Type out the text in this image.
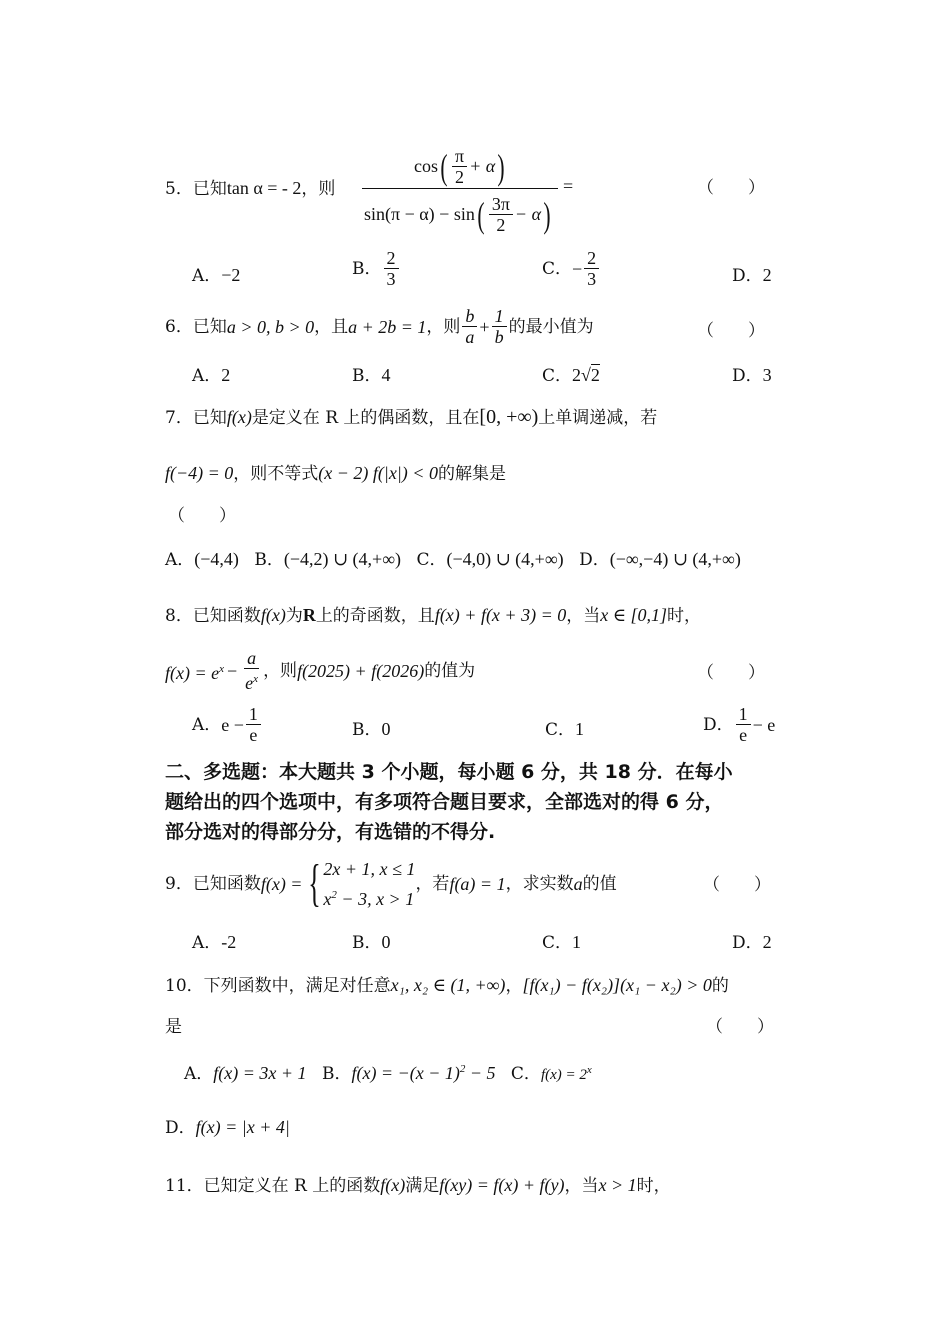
5．已知tan α = - 2，则
cos ( $\frac{\pi}{2} + \alpha$ )
sin(π − α) − sin ( $\frac{3\pi}{2} - \alpha$ )
=	（　　）
A．−2	B． $\frac{2}{3}$	C． − $\frac{2}{3}$	D．2
6． 已知 a > 0, b > 0 ，且 a + 2b = 1 ，则 $\frac{b}{a} + \frac{1}{b}$ 的最小值为	（　　）
A．2	B．4	C．2√2	D．3
7．已知f(x)是定义在 R 上的偶函数，且在[0, +∞)上单调递减，若
f(−4) = 0，则不等式(x − 2) f(|x|) < 0的解集是
（　　）
A．(−4,4) B．(−4,2) ∪ (4,+∞) C．(−4,0) ∪ (4,+∞) D．(−∞,−4) ∪ (4,+∞)
8．已知函数f(x)为R上的奇函数，且f(x) + f(x + 3) = 0，当x ∈ [0,1]时，
$f(x) = e^x - \frac{a}{e^x}$ ，则 f(2025) + f(2026) 的值为	（　　）
A． $e - \frac{1}{e}$	B．0	C．1	D． $\frac{1}{e} - e$
二、多选题：本大题共 3 个小题，每小题 6 分，共 18 分．在每小
题给出的四个选项中，有多项符合题目要求，全部选对的得 6 分，
部分选对的得部分分，有选错的不得分.
9． 已知函数 f(x) = { 2x + 1, x ≤ 1
$x^2 - 3$, x > 1
，若 f(a) = 1 ，求实数 a 的值	（　　）
A．-2	B．0	C．1	D．2
10．下列函数中，满足对任意x₁, x₂ ∈ (1, +∞)，[f(x₁) − f(x₂)](x₁ − x₂) > 0的
是	（　　）
A．f(x) = 3x + 1 B．$f(x) = -(x - 1)^2 - 5$ C．$f(x) = 2^x$
D．f(x) = |x + 4|
11．已知定义在 R 上的函数f(x)满足f(xy) = f(x) + f(y)，当x > 1时，
